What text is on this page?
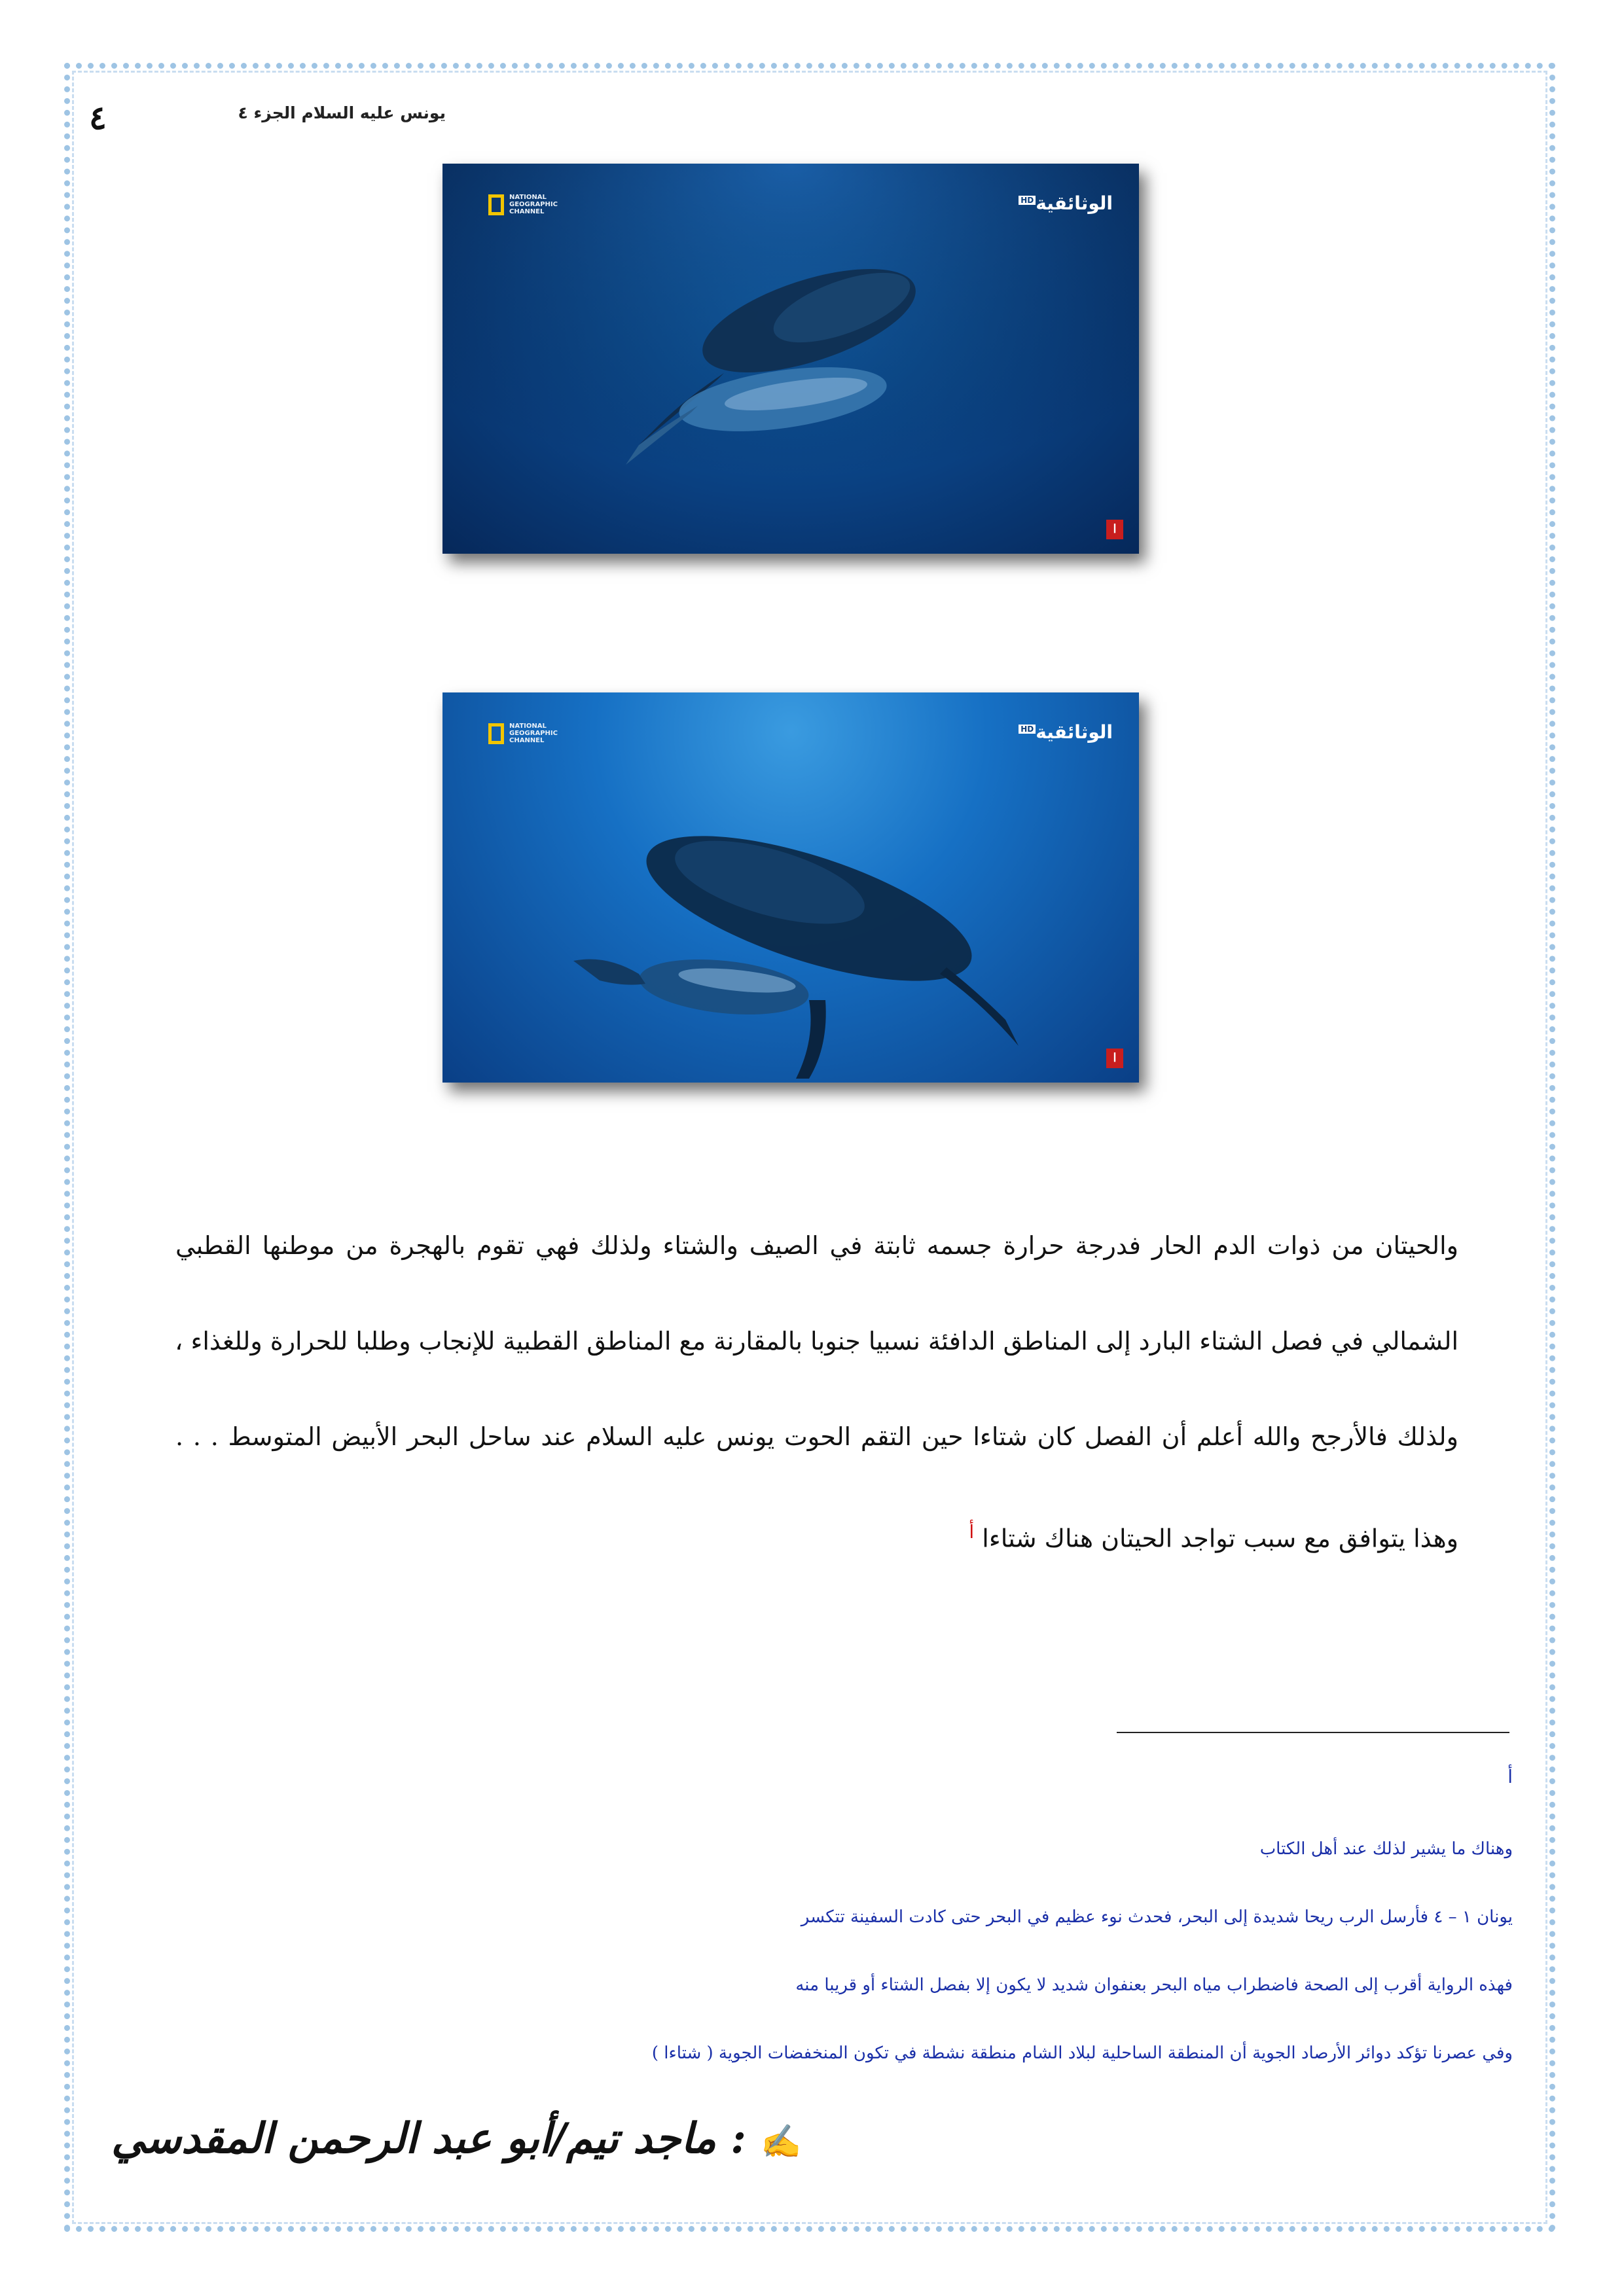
يونس عليه السلام الجزء ٤
٤
NATIONAL
GEOGRAPHIC
CHANNEL	الوثائقية$^{HD}$
ا
NATIONAL
GEOGRAPHIC
CHANNEL	الوثائقية$^{HD}$
ا
والحيتان من ذوات الدم الحار فدرجة حرارة جسمه ثابتة في الصيف والشتاء ولذلك فهي تقوم بالهجرة من موطنها القطبي
الشمالي في فصل الشتاء البارد إلى المناطق الدافئة نسبيا جنوبا بالمقارنة مع المناطق القطبية للإنجاب وطلبا للحرارة وللغذاء ،
ولذلك فالأرجح والله أعلم أن الفصل كان شتاءا حين التقم الحوت يونس عليه السلام عند ساحل البحر الأبيض المتوسط . . .
وهذا يتوافق مع سبب تواجد الحيتان هناك شتاءا $^أ$
أ
وهناك ما يشير لذلك عند أهل الكتاب
يونان ١ – ٤ فأرسل الرب ريحا شديدة إلى البحر، فحدث نوء عظيم في البحر حتى كادت السفينة تتكسر
فهذه الرواية أقرب إلى الصحة فاضطراب مياه البحر بعنفوان شديد لا يكون إلا بفصل الشتاء أو قريبا منه
وفي عصرنا تؤكد دوائر الأرصاد الجوية أن المنطقة الساحلية لبلاد الشام منطقة نشطة في تكون المنخفضات الجوية ( شتاءا )
✍ : ماجد تيم/أبو عبد الرحمن المقدسي
